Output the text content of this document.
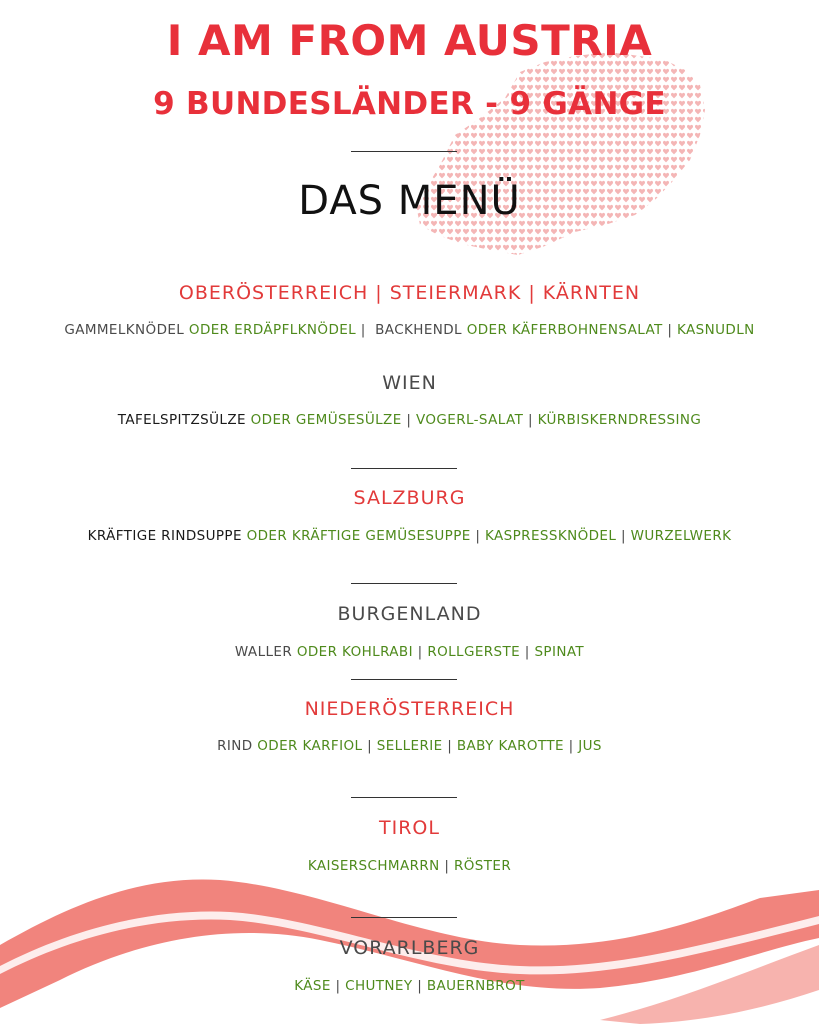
I AM FROM AUSTRIA
9 BUNDESLÄNDER - 9 GÄNGE
DAS MENÜ
OBERÖSTERREICH | STEIERMARK | KÄRNTEN
GAMMELKNÖDEL ODER ERDÄPFLKNÖDEL |  BACKHENDL ODER KÄFERBOHNENSALAT | KASNUDLN
WIEN
TAFELSPITZSÜLZE ODER GEMÜSESÜLZE | VOGERL-SALAT | KÜRBISKERNDRESSING
SALZBURG
KRÄFTIGE RINDSUPPE ODER KRÄFTIGE GEMÜSESUPPE | KASPRESSKNÖDEL | WURZELWERK
BURGENLAND
WALLER ODER KOHLRABI | ROLLGERSTE | SPINAT
NIEDERÖSTERREICH
RIND ODER KARFIOL | SELLERIE | BABY KAROTTE | JUS
TIROL
KAISERSCHMARRN | RÖSTER
VORARLBERG
KÄSE | CHUTNEY | BAUERNBROT
